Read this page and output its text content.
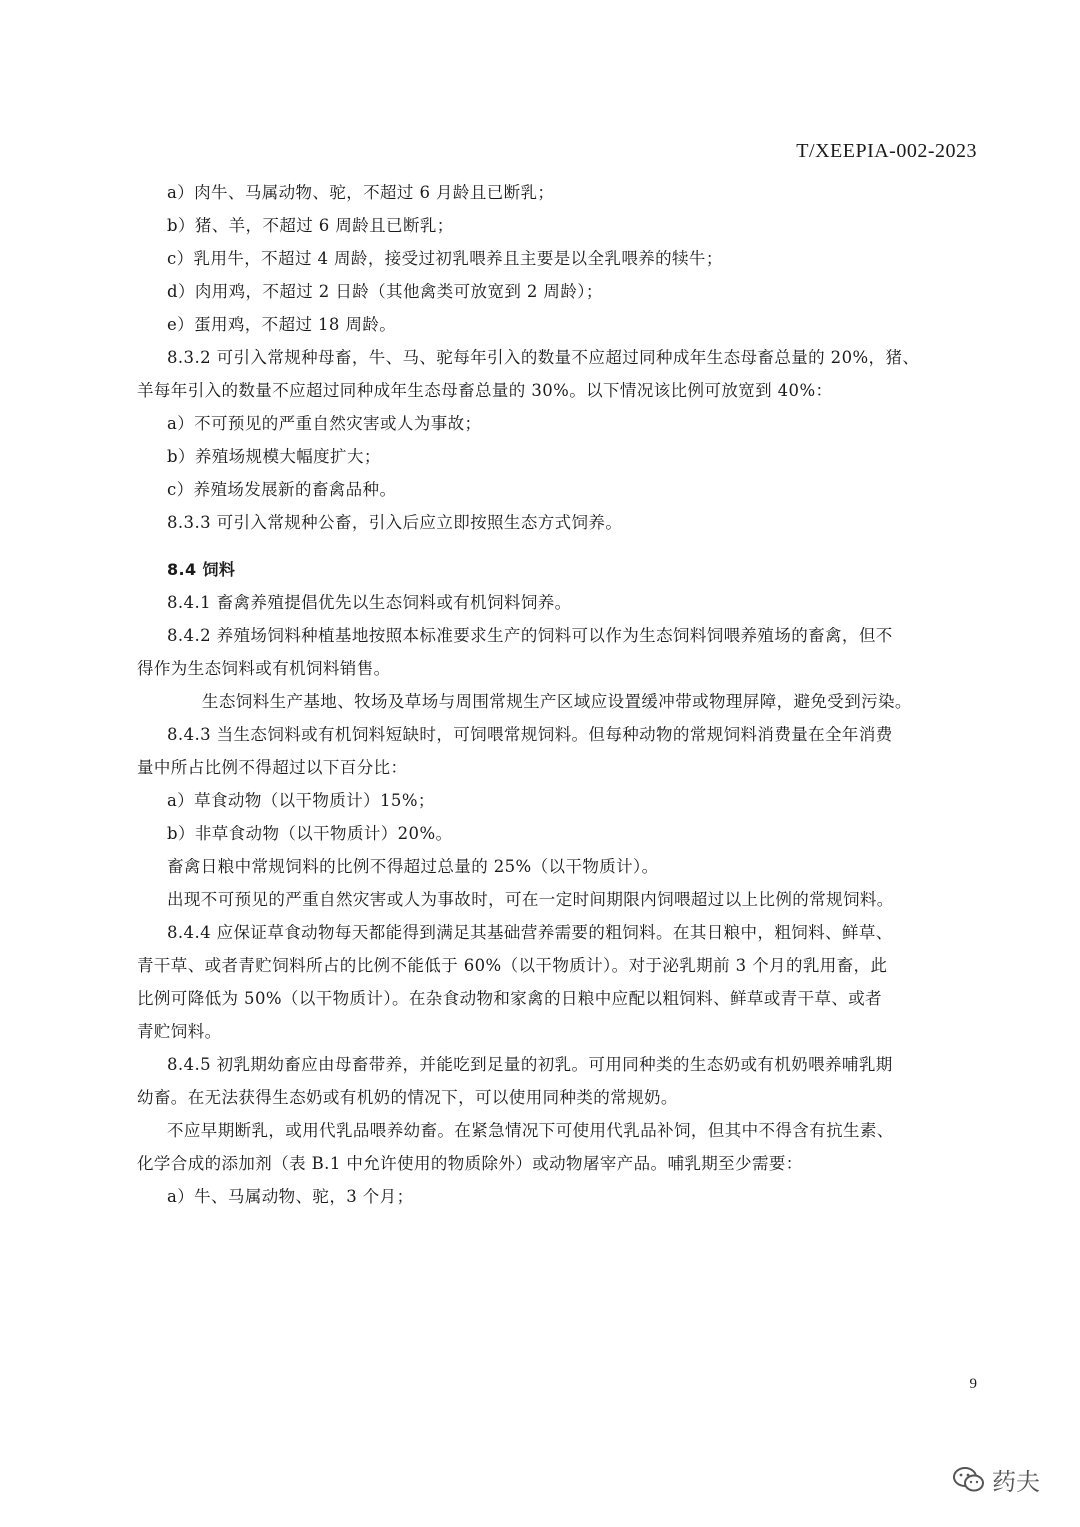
T/XEEPIA-002-2023
a）肉牛、马属动物、驼，不超过 6 月龄且已断乳；
b）猪、羊，不超过 6 周龄且已断乳；
c）乳用牛，不超过 4 周龄，接受过初乳喂养且主要是以全乳喂养的犊牛；
d）肉用鸡，不超过 2 日龄（其他禽类可放宽到 2 周龄）；
e）蛋用鸡，不超过 18 周龄。
8.3.2 可引入常规种母畜，牛、马、驼每年引入的数量不应超过同种成年生态母畜总量的 20%，猪、
羊每年引入的数量不应超过同种成年生态母畜总量的 30%。以下情况该比例可放宽到 40%：
a）不可预见的严重自然灾害或人为事故；
b）养殖场规模大幅度扩大；
c）养殖场发展新的畜禽品种。
8.3.3 可引入常规种公畜，引入后应立即按照生态方式饲养。
8.4 饲料
8.4.1 畜禽养殖提倡优先以生态饲料或有机饲料饲养。
8.4.2 养殖场饲料种植基地按照本标准要求生产的饲料可以作为生态饲料饲喂养殖场的畜禽，但不
得作为生态饲料或有机饲料销售。
生态饲料生产基地、牧场及草场与周围常规生产区域应设置缓冲带或物理屏障，避免受到污染。
8.4.3 当生态饲料或有机饲料短缺时，可饲喂常规饲料。但每种动物的常规饲料消费量在全年消费
量中所占比例不得超过以下百分比：
a）草食动物（以干物质计）15%；
b）非草食动物（以干物质计）20%。
畜禽日粮中常规饲料的比例不得超过总量的 25%（以干物质计）。
出现不可预见的严重自然灾害或人为事故时，可在一定时间期限内饲喂超过以上比例的常规饲料。
8.4.4 应保证草食动物每天都能得到满足其基础营养需要的粗饲料。在其日粮中，粗饲料、鲜草、
青干草、或者青贮饲料所占的比例不能低于 60%（以干物质计）。对于泌乳期前 3 个月的乳用畜，此
比例可降低为 50%（以干物质计）。在杂食动物和家禽的日粮中应配以粗饲料、鲜草或青干草、或者
青贮饲料。
8.4.5 初乳期幼畜应由母畜带养，并能吃到足量的初乳。可用同种类的生态奶或有机奶喂养哺乳期
幼畜。在无法获得生态奶或有机奶的情况下，可以使用同种类的常规奶。
不应早期断乳，或用代乳品喂养幼畜。在紧急情况下可使用代乳品补饲，但其中不得含有抗生素、
化学合成的添加剂（表 B.1 中允许使用的物质除外）或动物屠宰产品。哺乳期至少需要：
a）牛、马属动物、驼，3 个月；
9
药夫
